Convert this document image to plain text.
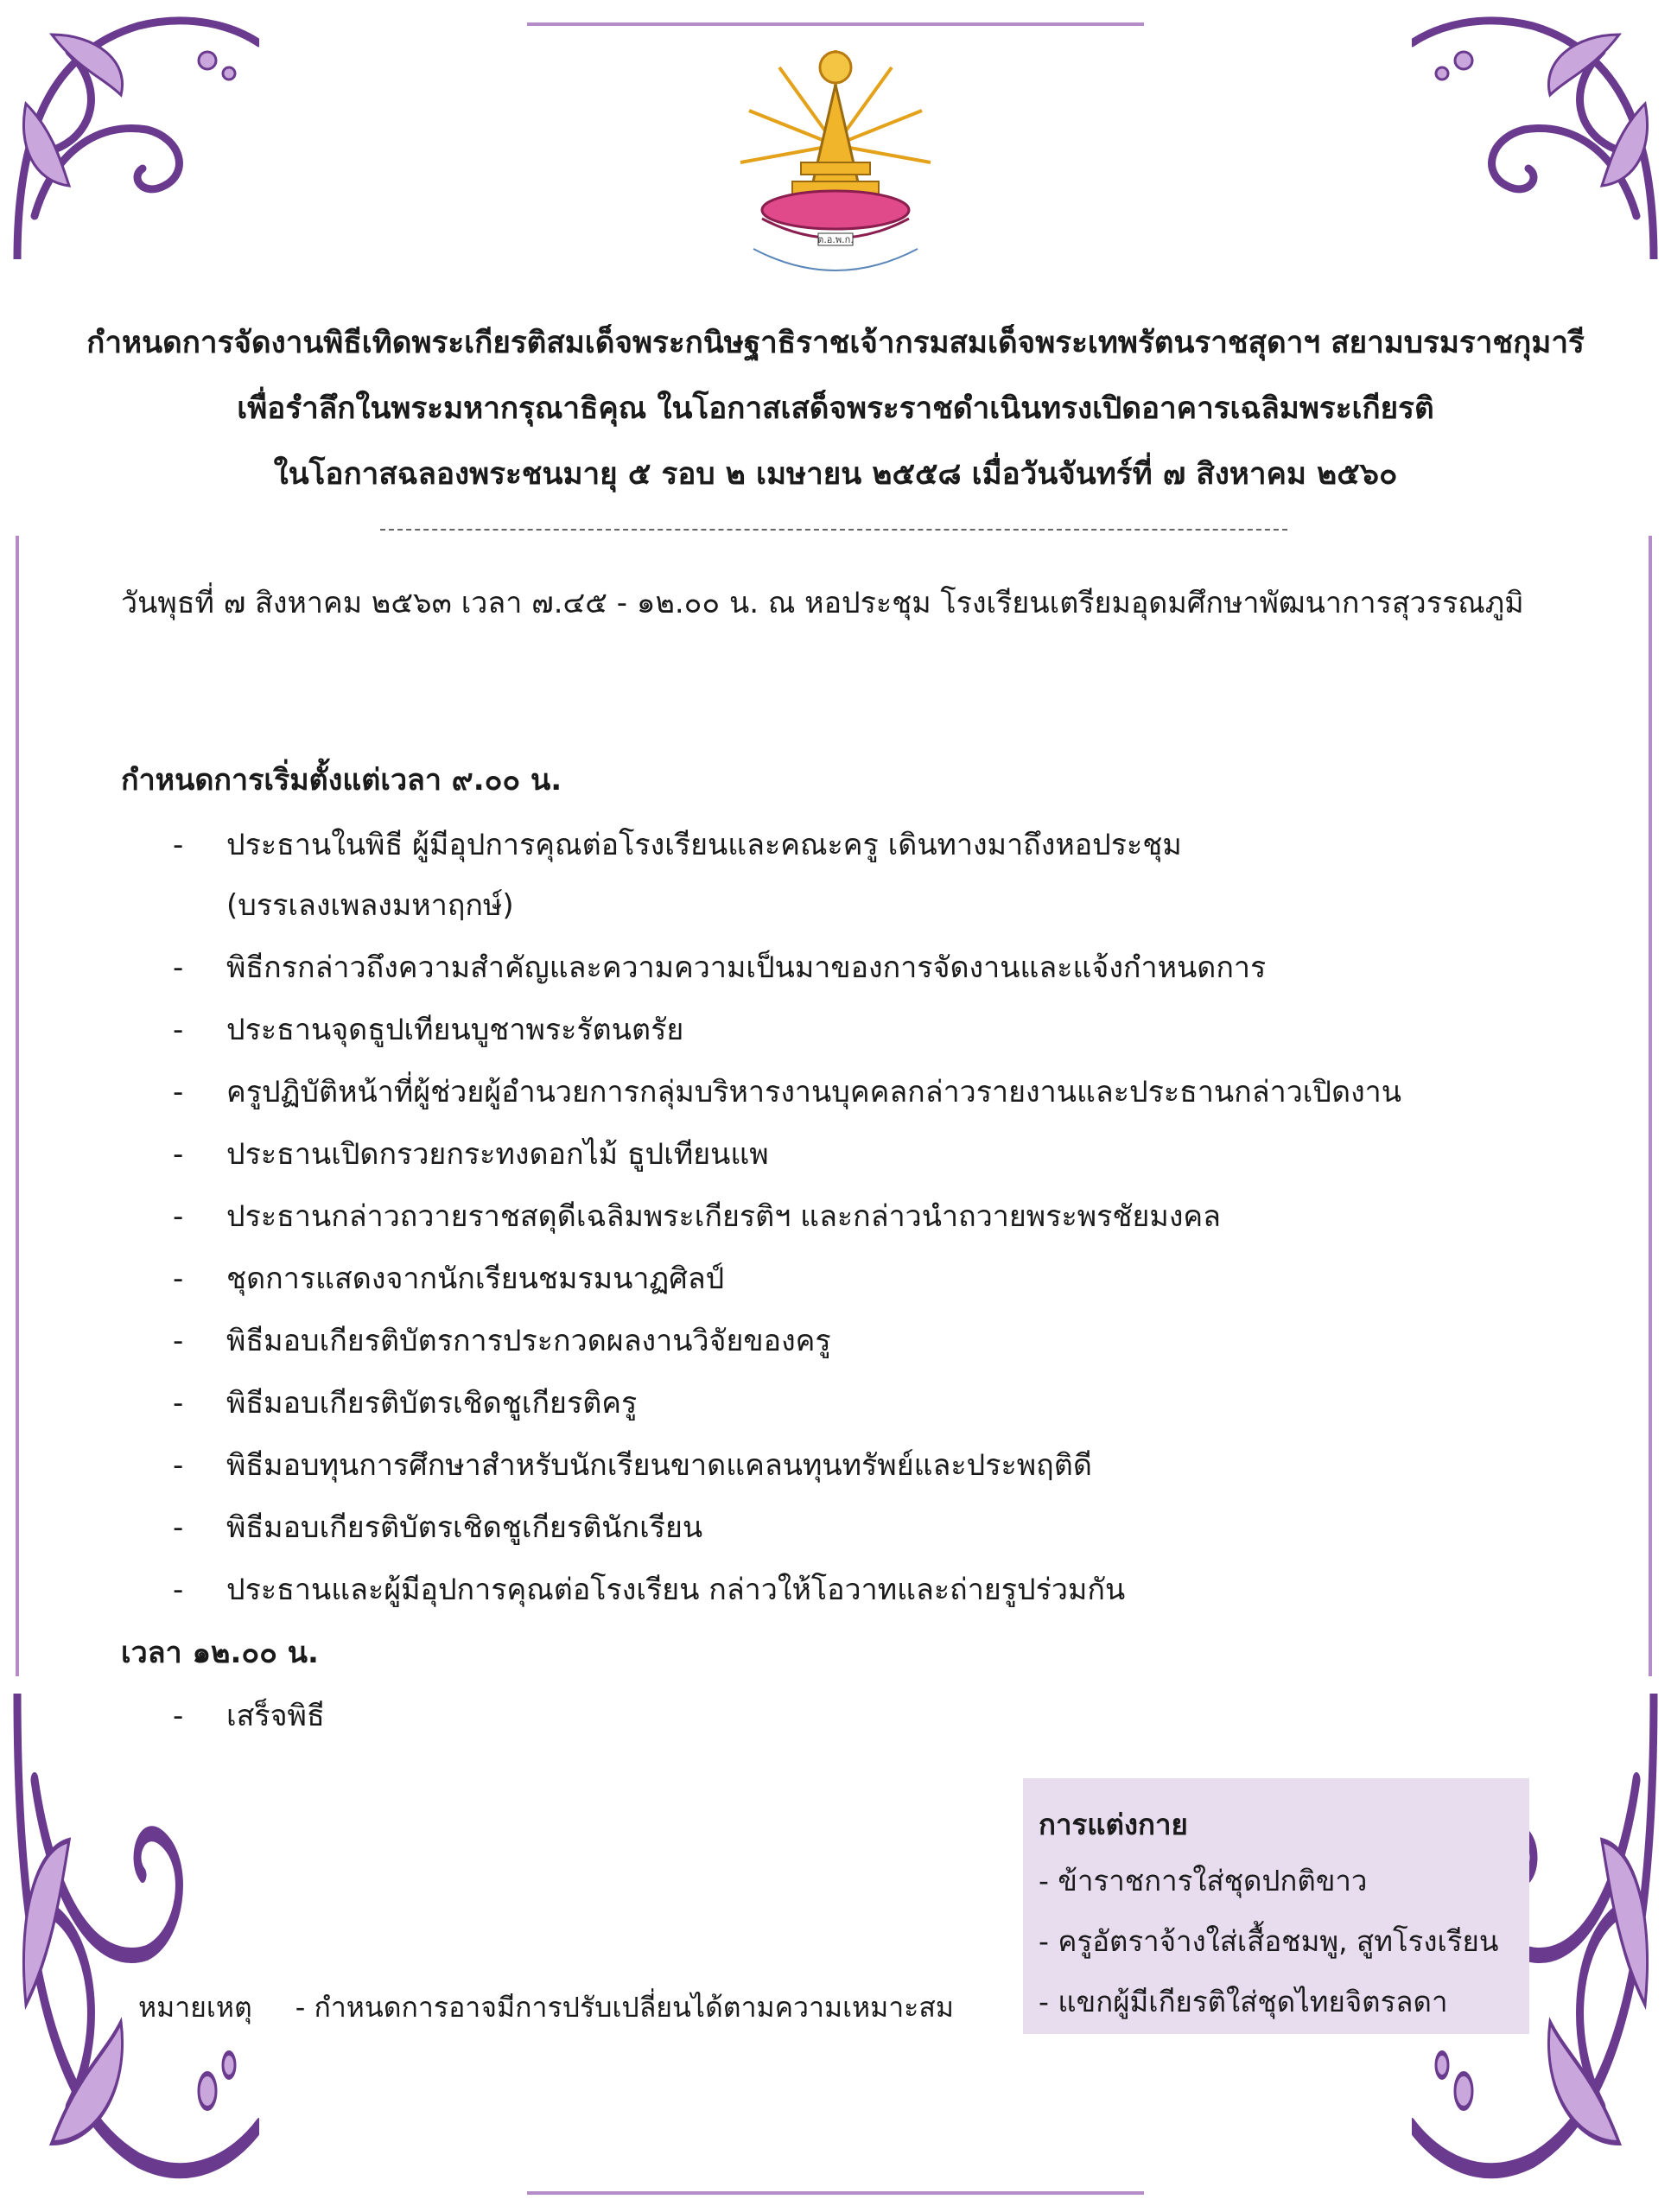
ต.อ.พ.ก.
กำหนดการจัดงานพิธีเทิดพระเกียรติสมเด็จพระกนิษฐาธิราชเจ้ากรมสมเด็จพระเทพรัตนราชสุดาฯ สยามบรมราชกุมารี
เพื่อรำลึกในพระมหากรุณาธิคุณ ในโอกาสเสด็จพระราชดำเนินทรงเปิดอาคารเฉลิมพระเกียรติ
ในโอกาสฉลองพระชนมายุ ๕ รอบ ๒ เมษายน ๒๕๕๘ เมื่อวันจันทร์ที่ ๗ สิงหาคม ๒๕๖๐
วันพุธที่ ๗ สิงหาคม ๒๕๖๓ เวลา ๗.๔๕ - ๑๒.๐๐ น. ณ หอประชุม โรงเรียนเตรียมอุดมศึกษาพัฒนาการสุวรรณภูมิ
กำหนดการเริ่มตั้งแต่เวลา ๙.๐๐ น.
- ประธานในพิธี ผู้มีอุปการคุณต่อโรงเรียนและคณะครู เดินทางมาถึงหอประชุม
(บรรเลงเพลงมหาฤกษ์)
- พิธีกรกล่าวถึงความสำคัญและความความเป็นมาของการจัดงานและแจ้งกำหนดการ
- ประธานจุดธูปเทียนบูชาพระรัตนตรัย
- ครูปฏิบัติหน้าที่ผู้ช่วยผู้อำนวยการกลุ่มบริหารงานบุคคลกล่าวรายงานและประธานกล่าวเปิดงาน
- ประธานเปิดกรวยกระทงดอกไม้ ธูปเทียนแพ
- ประธานกล่าวถวายราชสดุดีเฉลิมพระเกียรติฯ และกล่าวนำถวายพระพรชัยมงคล
- ชุดการแสดงจากนักเรียนชมรมนาฏศิลป์
- พิธีมอบเกียรติบัตรการประกวดผลงานวิจัยของครู
- พิธีมอบเกียรติบัตรเชิดชูเกียรติครู
- พิธีมอบทุนการศึกษาสำหรับนักเรียนขาดแคลนทุนทรัพย์และประพฤติดี
- พิธีมอบเกียรติบัตรเชิดชูเกียรตินักเรียน
- ประธานและผู้มีอุปการคุณต่อโรงเรียน กล่าวให้โอวาทและถ่ายรูปร่วมกัน
เวลา ๑๒.๐๐ น.
- เสร็จพิธี
หมายเหตุ - กำหนดการอาจมีการปรับเปลี่ยนได้ตามความเหมาะสม
การแต่งกาย
- ข้าราชการใส่ชุดปกติขาว
- ครูอัตราจ้างใส่เสื้อชมพู, สูทโรงเรียน
- แขกผู้มีเกียรติใส่ชุดไทยจิตรลดา
